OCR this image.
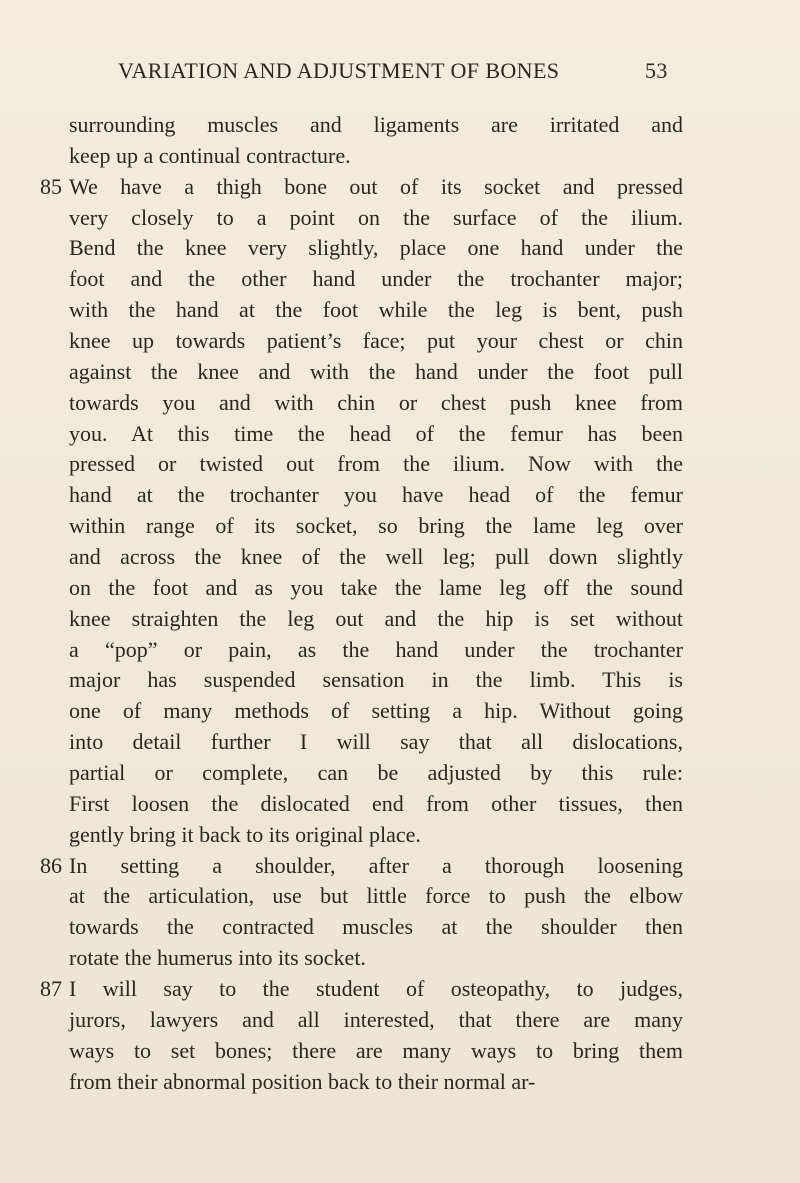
VARIATION AND ADJUSTMENT OF BONES	53
surrounding muscles and ligaments are irritated and
keep up a continual contracture.
85 We have a thigh bone out of its socket and pressed
very closely to a point on the surface of the ilium.
Bend the knee very slightly, place one hand under the
foot and the other hand under the trochanter major;
with the hand at the foot while the leg is bent, push
knee up towards patient’s face; put your chest or chin
against the knee and with the hand under the foot pull
towards you and with chin or chest push knee from
you. At this time the head of the femur has been
pressed or twisted out from the ilium. Now with the
hand at the trochanter you have head of the femur
within range of its socket, so bring the lame leg over
and across the knee of the well leg; pull down slightly
on the foot and as you take the lame leg off the sound
knee straighten the leg out and the hip is set without
a “pop” or pain, as the hand under the trochanter
major has suspended sensation in the limb. This is
one of many methods of setting a hip. Without going
into detail further I will say that all dislocations,
partial or complete, can be adjusted by this rule:
First loosen the dislocated end from other tissues, then
gently bring it back to its original place.
86 In setting a shoulder, after a thorough loosening
at the articulation, use but little force to push the elbow
towards the contracted muscles at the shoulder then
rotate the humerus into its socket.
87 I will say to the student of osteopathy, to judges,
jurors, lawyers and all interested, that there are many
ways to set bones; there are many ways to bring them
from their abnormal position back to their normal ar-
